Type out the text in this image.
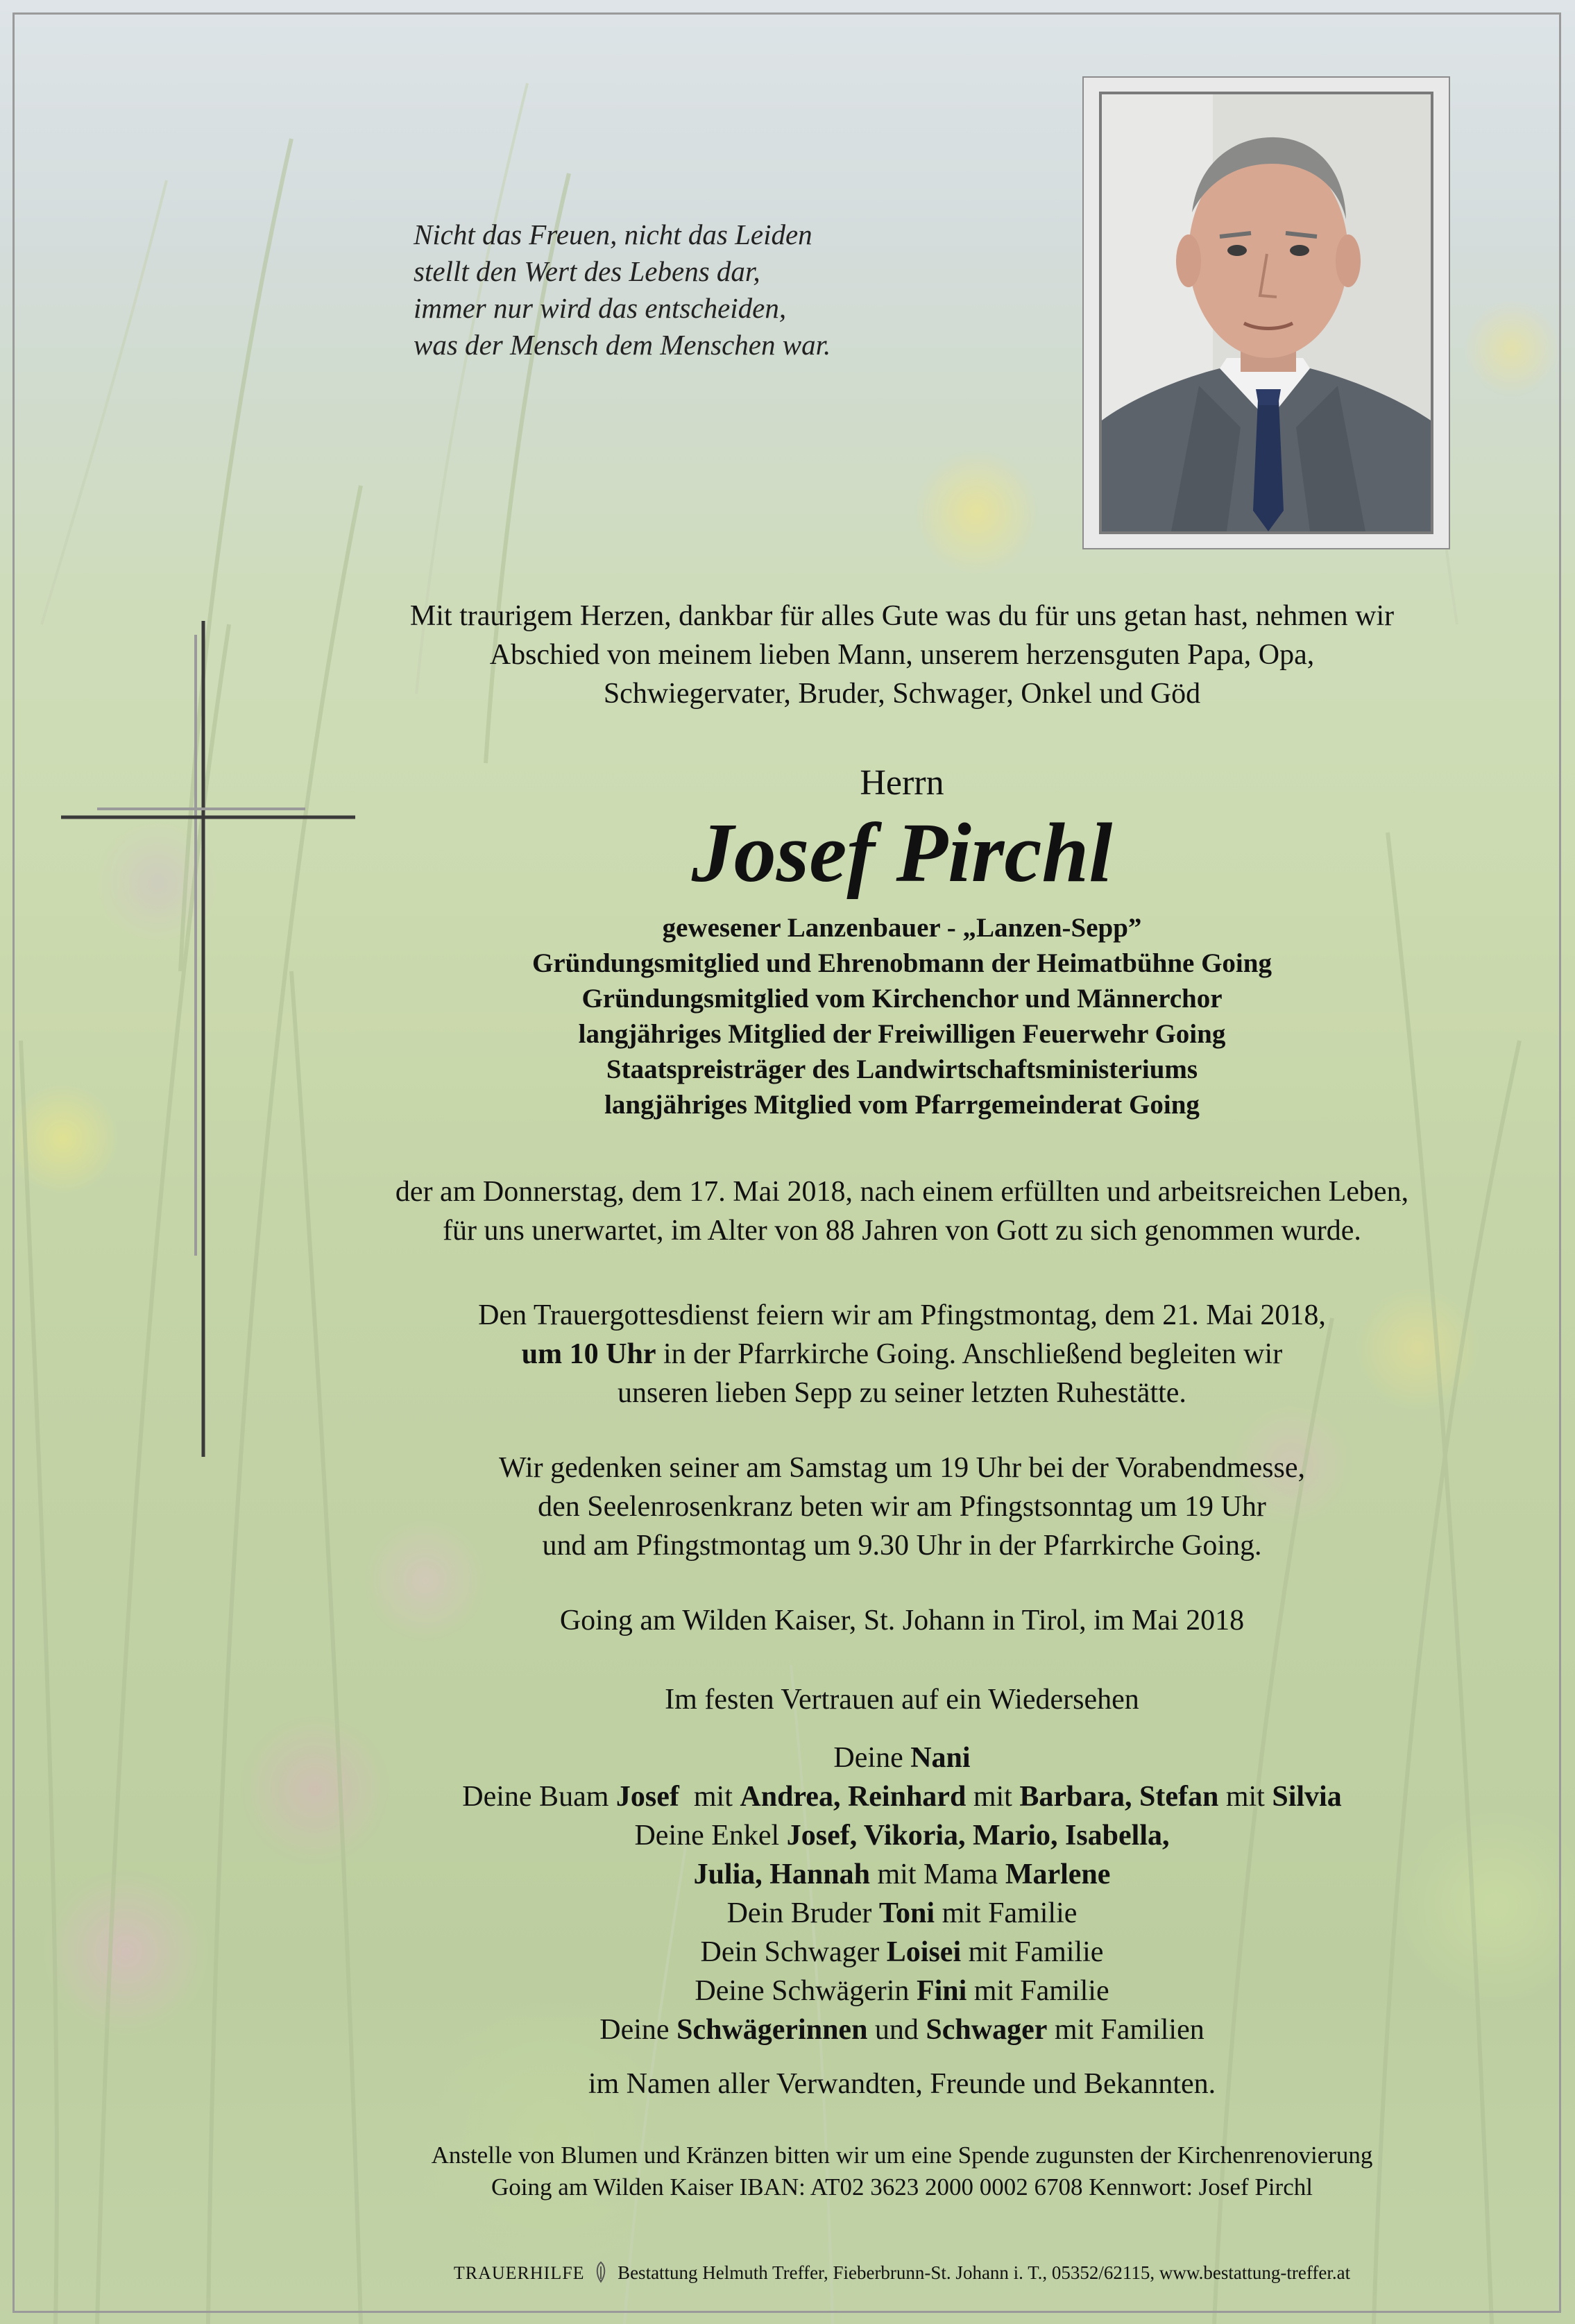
Nicht das Freuen, nicht das Leiden
stellt den Wert des Lebens dar,
immer nur wird das entscheiden,
was der Mensch dem Menschen war.
Mit traurigem Herzen, dankbar für alles Gute was du für uns getan hast, nehmen wir
Abschied von meinem lieben Mann, unserem herzensguten Papa, Opa,
Schwiegervater, Bruder, Schwager, Onkel und Göd
Herrn
Josef Pirchl
gewesener Lanzenbauer - „Lanzen-Sepp”
Gründungsmitglied und Ehrenobmann der Heimatbühne Going
Gründungsmitglied vom Kirchenchor und Männerchor
langjähriges Mitglied der Freiwilligen Feuerwehr Going
Staatspreisträger des Landwirtschaftsministeriums
langjähriges Mitglied vom Pfarrgemeinderat Going
der am Donnerstag, dem 17. Mai 2018, nach einem erfüllten und arbeitsreichen Leben,
für uns unerwartet, im Alter von 88 Jahren von Gott zu sich genommen wurde.
Den Trauergottesdienst feiern wir am Pfingstmontag, dem 21. Mai 2018,
um 10 Uhr in der Pfarrkirche Going. Anschließend begleiten wir
unseren lieben Sepp zu seiner letzten Ruhestätte.
Wir gedenken seiner am Samstag um 19 Uhr bei der Vorabendmesse,
den Seelenrosenkranz beten wir am Pfingstsonntag um 19 Uhr
und am Pfingstmontag um 9.30 Uhr in der Pfarrkirche Going.
Going am Wilden Kaiser, St. Johann in Tirol, im Mai 2018
Im festen Vertrauen auf ein Wiedersehen
Deine Nani
Deine Buam Josef  mit Andrea, Reinhard mit Barbara, Stefan mit Silvia
Deine Enkel Josef, Vikoria, Mario, Isabella,
Julia, Hannah mit Mama Marlene
Dein Bruder Toni mit Familie
Dein Schwager Loisei mit Familie
Deine Schwägerin Fini mit Familie
Deine Schwägerinnen und Schwager mit Familien
im Namen aller Verwandten, Freunde und Bekannten.
Anstelle von Blumen und Kränzen bitten wir um eine Spende zugunsten der Kirchenrenovierung
Going am Wilden Kaiser IBAN: AT02 3623 2000 0002 6708 Kennwort: Josef Pirchl
TRAUERHILFE Bestattung Helmuth Treffer, Fieberbrunn-St. Johann i. T., 05352/62115, www.bestattung-treffer.at
